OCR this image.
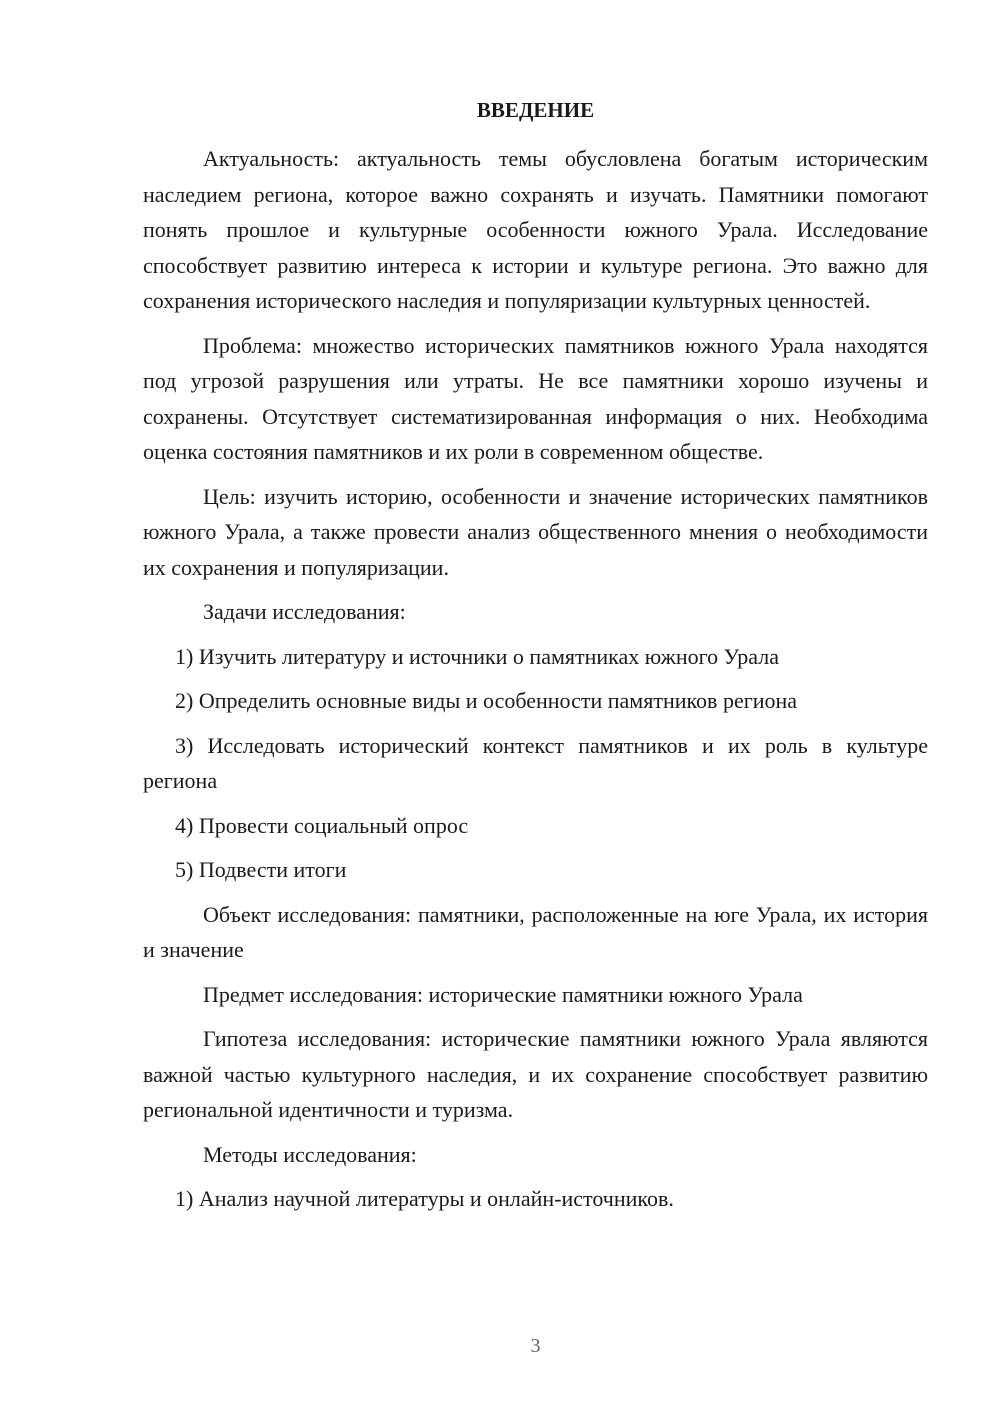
ВВЕДЕНИЕ

Актуальность: актуальность темы обусловлена богатым историческим наследием региона, которое важно сохранять и изучать. Памятники помогают понять прошлое и культурные особенности южного Урала. Исследование способствует развитию интереса к истории и культуре региона. Это важно для сохранения исторического наследия и популяризации культурных ценностей.

Проблема: множество исторических памятников южного Урала находятся под угрозой разрушения или утраты. Не все памятники хорошо изучены и сохранены. Отсутствует систематизированная информация о них. Необходима оценка состояния памятников и их роли в современном обществе.

Цель: изучить историю, особенности и значение исторических памятников южного Урала, а также провести анализ общественного мнения о необходимости их сохранения и популяризации.

Задачи исследования:

1) Изучить литературу и источники о памятниках южного Урала

2) Определить основные виды и особенности памятников региона

3) Исследовать исторический контекст памятников и их роль в культуре региона

4) Провести социальный опрос

5) Подвести итоги

Объект исследования: памятники, расположенные на юге Урала, их история и значение

Предмет исследования: исторические памятники южного Урала

Гипотеза исследования: исторические памятники южного Урала являются важной частью культурного наследия, и их сохранение способствует развитию региональной идентичности и туризма.

Методы исследования:

1) Анализ научной литературы и онлайн-источников.

3
